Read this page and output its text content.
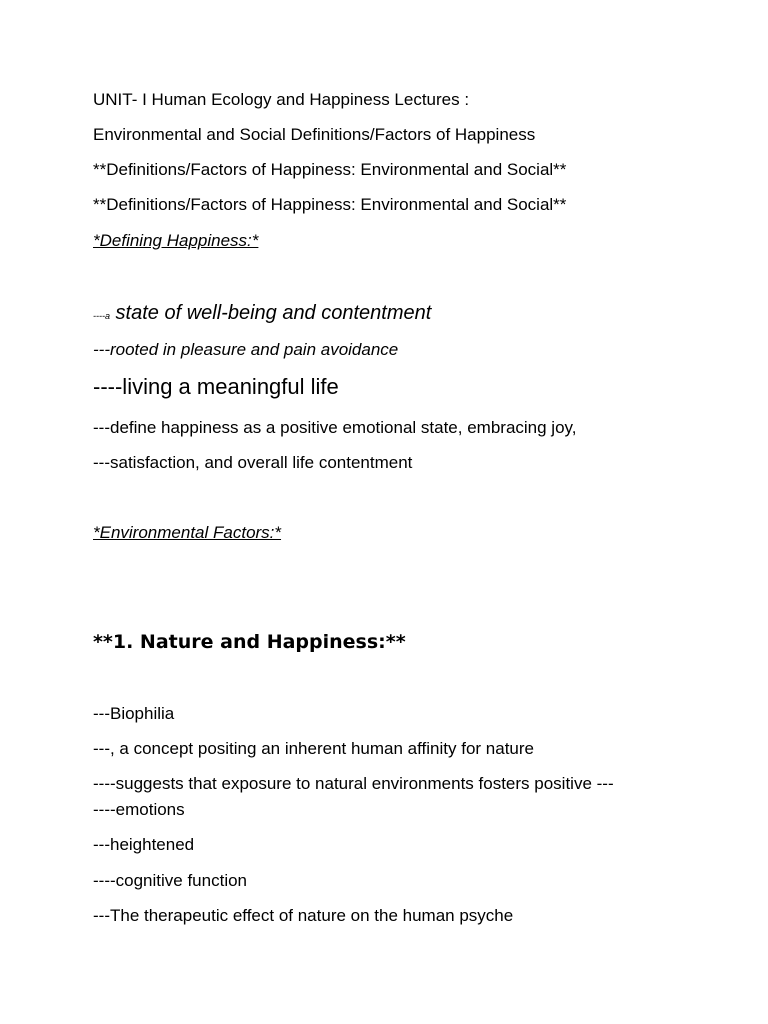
UNIT- I Human Ecology and Happiness Lectures :
Environmental and Social Definitions/Factors of Happiness
**Definitions/Factors of Happiness: Environmental and Social**
**Definitions/Factors of Happiness: Environmental and Social**
*Defining Happiness:*
----a state of well-being and contentment
---rooted in pleasure and pain avoidance
----living a meaningful life
---define happiness as a positive emotional state, embracing joy,
---satisfaction, and overall life contentment
*Environmental Factors:*
**1. Nature and Happiness:**
---Biophilia
---, a concept positing an inherent human affinity for nature
----suggests that exposure to natural environments fosters positive ---
----emotions
---heightened
----cognitive function
---The therapeutic effect of nature on the human psyche
